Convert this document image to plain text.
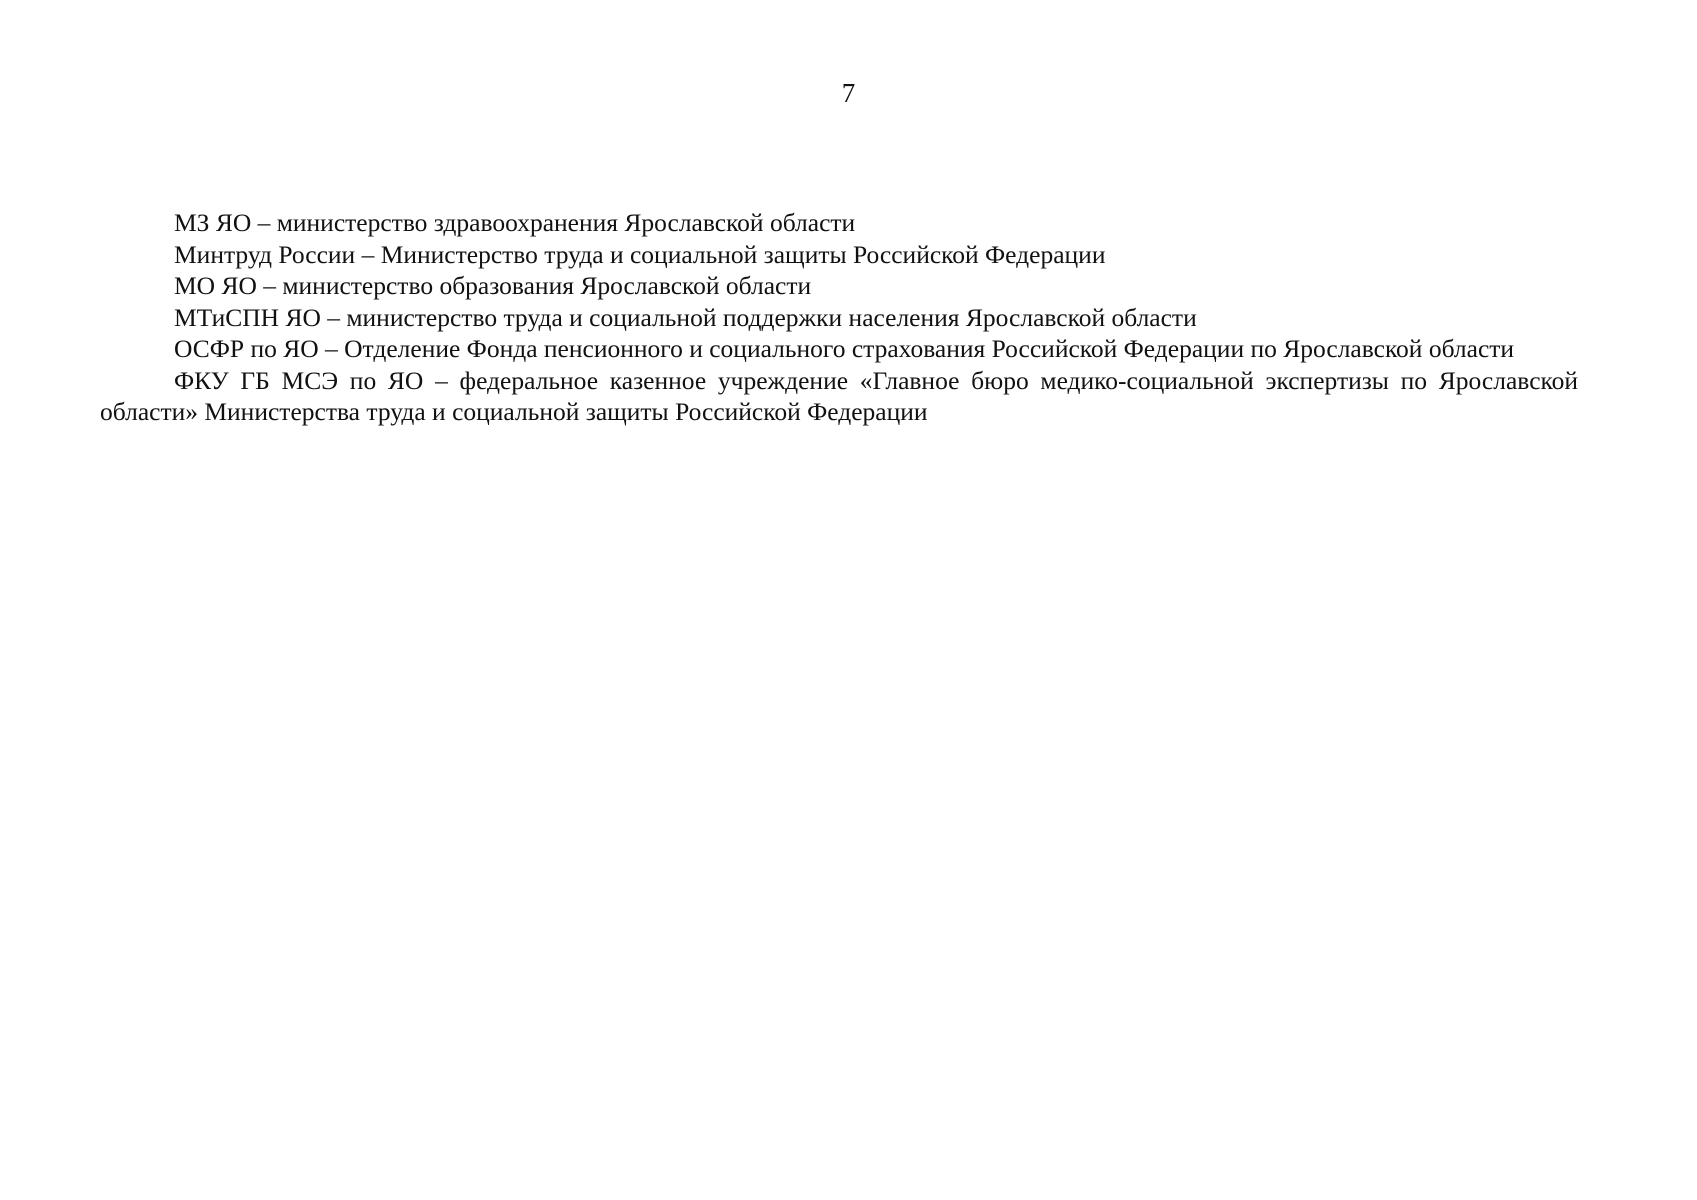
7

МЗ ЯО – министерство здравоохранения Ярославской области

Минтруд России – Министерство труда и социальной защиты Российской Федерации

МО ЯО – министерство образования Ярославской области

МТиСПН ЯО – министерство труда и социальной поддержки населения Ярославской области

ОСФР по ЯО – Отделение Фонда пенсионного и социального страхования Российской Федерации по Ярославской области

ФКУ ГБ МСЭ по ЯО – федеральное казенное учреждение «Главное бюро медико-социальной экспертизы по Ярославской области» Министерства труда и социальной защиты Российской Федерации
